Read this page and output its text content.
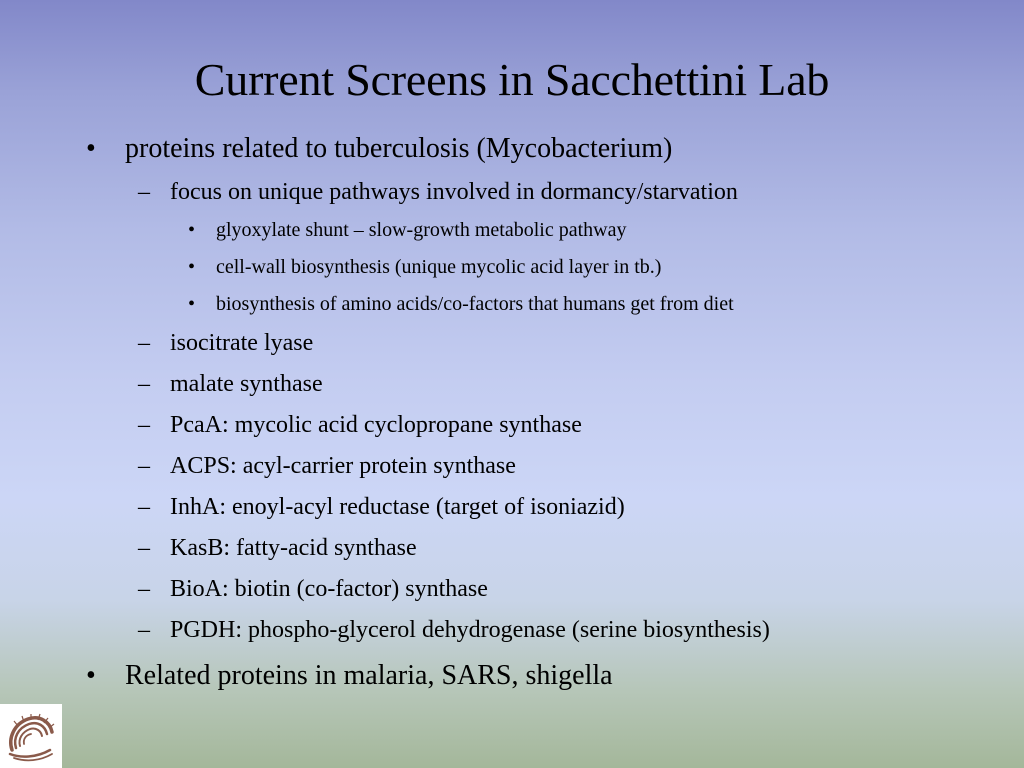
Current Screens in Sacchettini Lab
• proteins related to tuberculosis (Mycobacterium)
– focus on unique pathways involved in dormancy/starvation
• glyoxylate shunt – slow-growth metabolic pathway
• cell-wall biosynthesis (unique mycolic acid layer in tb.)
• biosynthesis of amino acids/co-factors that humans get from diet
– isocitrate lyase
– malate synthase
– PcaA: mycolic acid cyclopropane synthase
– ACPS: acyl-carrier protein synthase
– InhA: enoyl-acyl reductase (target of isoniazid)
– KasB: fatty-acid synthase
– BioA: biotin (co-factor) synthase
– PGDH: phospho-glycerol dehydrogenase (serine biosynthesis)
• Related proteins in malaria, SARS, shigella
